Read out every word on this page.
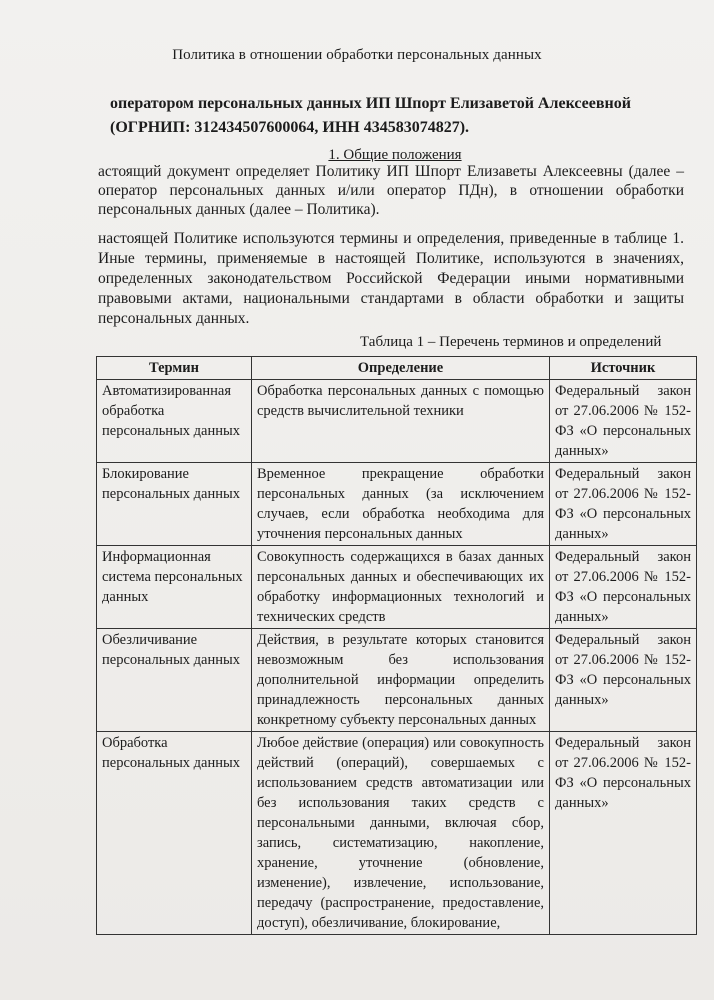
Политика в отношении обработки персональных данных
оператором персональных данных ИП Шпорт Елизаветой Алексеевной (ОГРНИП: 312434507600064, ИНН 434583074827).
1. Общие положения
астоящий документ определяет Политику ИП Шпорт Елизаветы Алексеевны (далее – оператор персональных данных и/или оператор ПДн), в отношении обработки персональных данных (далее – Политика).
настоящей Политике используются термины и определения, приведенные в таблице 1. Иные термины, применяемые в настоящей Политике, используются в значениях, определенных законодательством Российской Федерации иными нормативными правовыми актами, национальными стандартами в области обработки и защиты персональных данных.
Таблица 1 – Перечень терминов и определений
Термин	Определение	Источник
Автоматизированная обработка персональных данных	Обработка персональных данных с помощью средств вычислительной техники	Федеральный закон от 27.06.2006 № 152-ФЗ «О персональных данных»
Блокирование персональных данных	Временное прекращение обработки персональных данных (за исключением случаев, если обработка необходима для уточнения персональных данных	Федеральный закон от 27.06.2006 № 152-ФЗ «О персональных данных»
Информационная система персональных данных	Совокупность содержащихся в базах данных персональных данных и обеспечивающих их обработку информационных технологий и технических средств	Федеральный закон от 27.06.2006 № 152-ФЗ «О персональных данных»
Обезличивание персональных данных	Действия, в результате которых становится невозможным без использования дополнительной информации определить принадлежность персональных данных конкретному субъекту персональных данных	Федеральный закон от 27.06.2006 № 152-ФЗ «О персональных данных»
Обработка персональных данных	Любое действие (операция) или совокупность действий (операций), совершаемых с использованием средств автоматизации или без использования таких средств с персональными данными, включая сбор, запись, систематизацию, накопление, хранение, уточнение (обновление, изменение), извлечение, использование, передачу (распространение, предоставление, доступ), обезличивание, блокирование,	Федеральный закон от 27.06.2006 № 152-ФЗ «О персональных данных»
